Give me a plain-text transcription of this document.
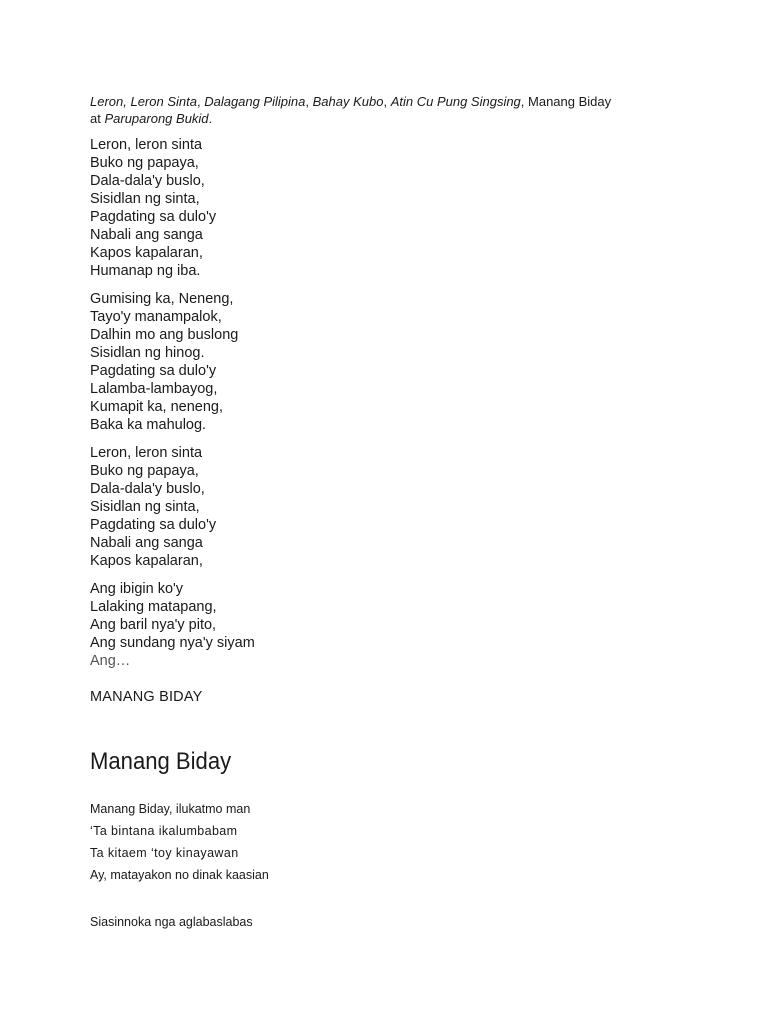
Leron, Leron Sinta, Dalagang Pilipina, Bahay Kubo, Atin Cu Pung Singsing, Manang Biday
at Paruparong Bukid.

Leron, leron sinta
Buko ng papaya,
Dala-dala'y buslo,
Sisidlan ng sinta,
Pagdating sa dulo'y
Nabali ang sanga
Kapos kapalaran,
Humanap ng iba.
Gumising ka, Neneng,
Tayo'y manampalok,
Dalhin mo ang buslong
Sisidlan ng hinog.
Pagdating sa dulo'y
Lalamba-lambayog,
Kumapit ka, neneng,
Baka ka mahulog.
Leron, leron sinta
Buko ng papaya,
Dala-dala'y buslo,
Sisidlan ng sinta,
Pagdating sa dulo'y
Nabali ang sanga
Kapos kapalaran,
Ang ibigin ko'y
Lalaking matapang,
Ang baril nya'y pito,
Ang sundang nya'y siyam
Ang…
MANANG BIDAY
Manang Biday
Manang Biday, ilukatmo man
‘Ta bintana ikalumbabam
Ta kitaem ‘toy kinayawan
Ay, matayakon no dinak kaasian
Siasinnoka nga aglabaslabas
